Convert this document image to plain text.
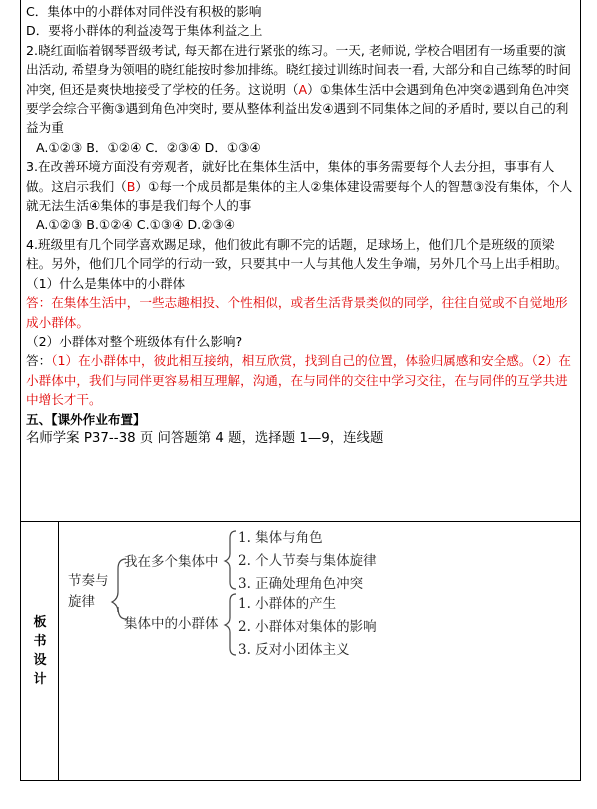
C．集体中的小群体对同伴没有积极的影响

D．要将小群体的利益凌驾于集体利益之上

2.晓红面临着钢琴晋级考试, 每天都在进行紧张的练习。一天, 老师说, 学校合唱团有一场重要的演出活动, 希望身为领唱的晓红能按时参加排练。晓红接过训练时间表一看, 大部分和自己练琴的时间冲突, 但还是爽快地接受了学校的任务。这说明（A）①集体生活中会遇到角色冲突②遇到角色冲突要学会综合平衡③遇到角色冲突时, 要从整体利益出发④遇到不同集体之间的矛盾时, 要以自己的利益为重

A.①②③ B．①②④ C．②③④ D．①③④

3.在改善环境方面没有旁观者，就好比在集体生活中，集体的事务需要每个人去分担，事事有人做。这启示我们（B）①每一个成员都是集体的主人②集体建设需要每个人的智慧③没有集体，个人就无法生活④集体的事是我们每个人的事

A.①②③ B.①②④ C.①③④ D.②③④

4.班级里有几个同学喜欢踢足球，他们彼此有聊不完的话题，足球场上，他们几个是班级的顶梁柱。另外，他们几个同学的行动一致，只要其中一人与其他人发生争端，另外几个马上出手相助。

（1）什么是集体中的小群体

答：在集体生活中，一些志趣相投、个性相似，或者生活背景类似的同学，往往自觉或不自觉地形成小群体。

（2）小群体对整个班级体有什么影响?

答：（1）在小群体中，彼此相互接纳，相互欣赏，找到自己的位置，体验归属感和安全感。（2）在小群体中，我们与同伴更容易相互理解，沟通，在与同伴的交往中学习交往，在与同伴的互学共进中增长才干。

五、【课外作业布置】

名师学案 P37--38 页 问答题第 4 题，选择题 1—9，连线题

板
书
设
计
节奏与
旋律
我在多个集体中
集体中的小群体
1. 集体与角色
2. 个人节奏与集体旋律
3. 正确处理角色冲突
1. 小群体的产生
2. 小群体对集体的影响
3. 反对小团体主义
